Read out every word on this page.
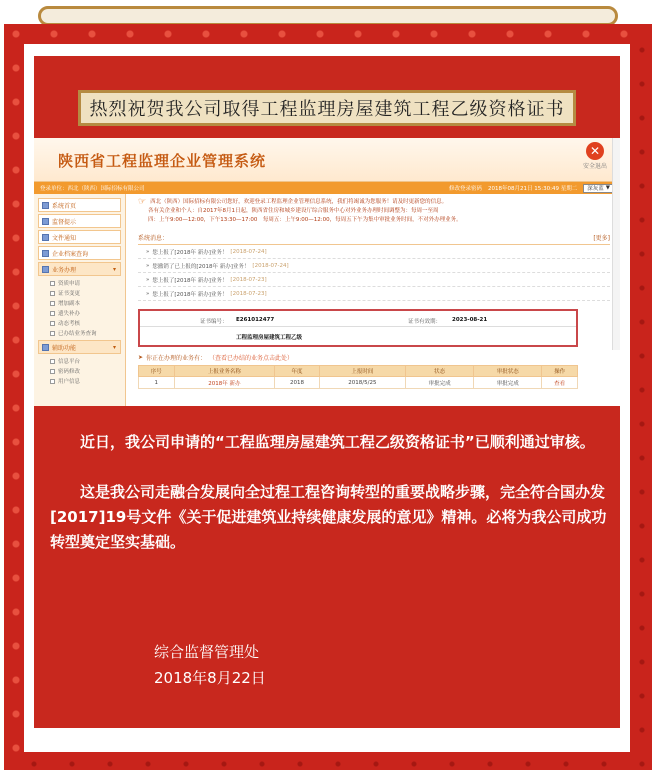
热烈祝贺我公司取得工程监理房屋建筑工程乙级资格证书
陕西省工程监理企业管理系统
✕
安全退出
登录单位：西北（陕西）国际招标有限公司	修改登录密码 2018年08月21日 15:30:49 星期二 深灰蓝 ▼
系统首页
监督提示
文件通知
企业档案查询
业务办理	▾
资质申请
证书变更
增加副本
遗失补办
动态考核
已办结业务查询
辅助功能	▾
信息平台
密码修改
用户信息
☞ 西北（陕西）国际招标有限公司您好，欢迎登录工程监理企业管理信息系统，我们将竭诚为您服务！请及时更新您的信息。
各有关企业和个人：自2017年8月1日起，陕西省住房和城乡建设厅综合服务中心对外业务办理时间调整为：每周一至周
四：上午9:00—12:00，下午13:30—17:00　每周五：上午9:00—12:00，每周五下午为集中审批业务时间，不对外办理业务。
系统消息：	[更多]
» 您上报了[2018年 新办]业务！ [2018-07-24]
» 您撤销了已上报的[2018年 新办]业务！ [2018-07-24]
» 您上报了[2018年 新办]业务！ [2018-07-23]
» 您上报了[2018年 新办]业务！ [2018-07-23]
证书编号： E261012477	证书有效期： 2023-08-21
工程监理房屋建筑工程乙级
➤ 你正在办理的业务有： （查看已办结的业务点击此处）
序号	上报业务名称	年度	上报时间	状态	审批状态	操作
1	2018年 新办	2018	2018/5/25	审批完成	审批完成	查看
近日，我公司申请的“工程监理房屋建筑工程乙级资格证书”已顺利通过审核。
这是我公司走融合发展向全过程工程咨询转型的重要战略步骤，完全符合国办发[2017]19号文件《关于促进建筑业持续健康发展的意见》精神。必将为我公司成功转型奠定坚实基础。
综合监督管理处
2018年8月22日
